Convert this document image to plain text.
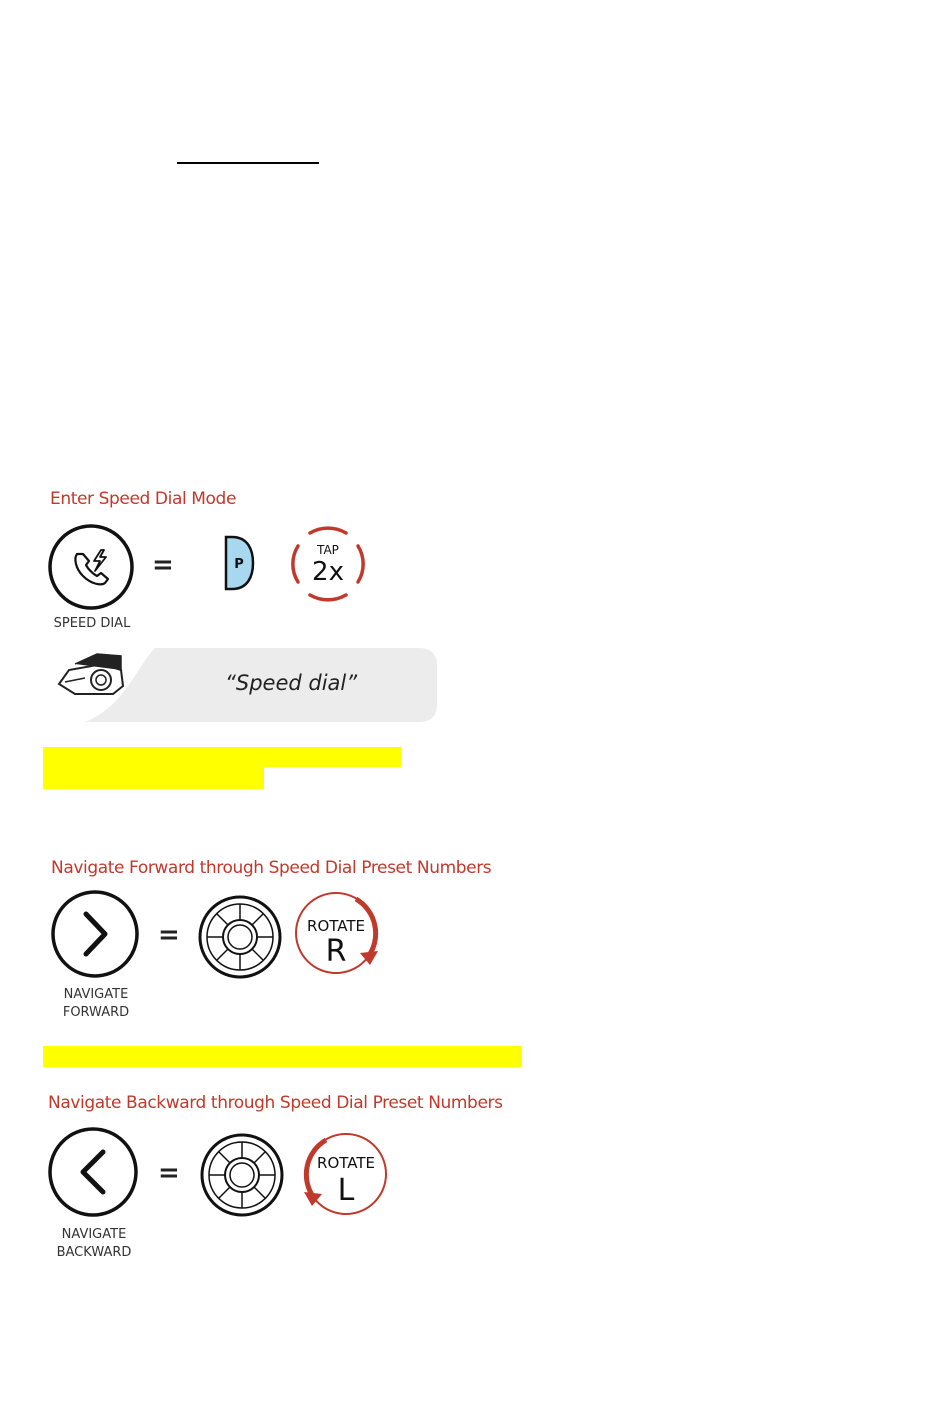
Enter Speed Dial Mode
SPEED DIAL
=	P
TAP
2x
“Speed dial”
Navigate Forward through Speed Dial Preset Numbers
NAVIGATE
FORWARD
=	ROTATE
R
Navigate Backward through Speed Dial Preset Numbers
NAVIGATE
BACKWARD
=	ROTATE
L
